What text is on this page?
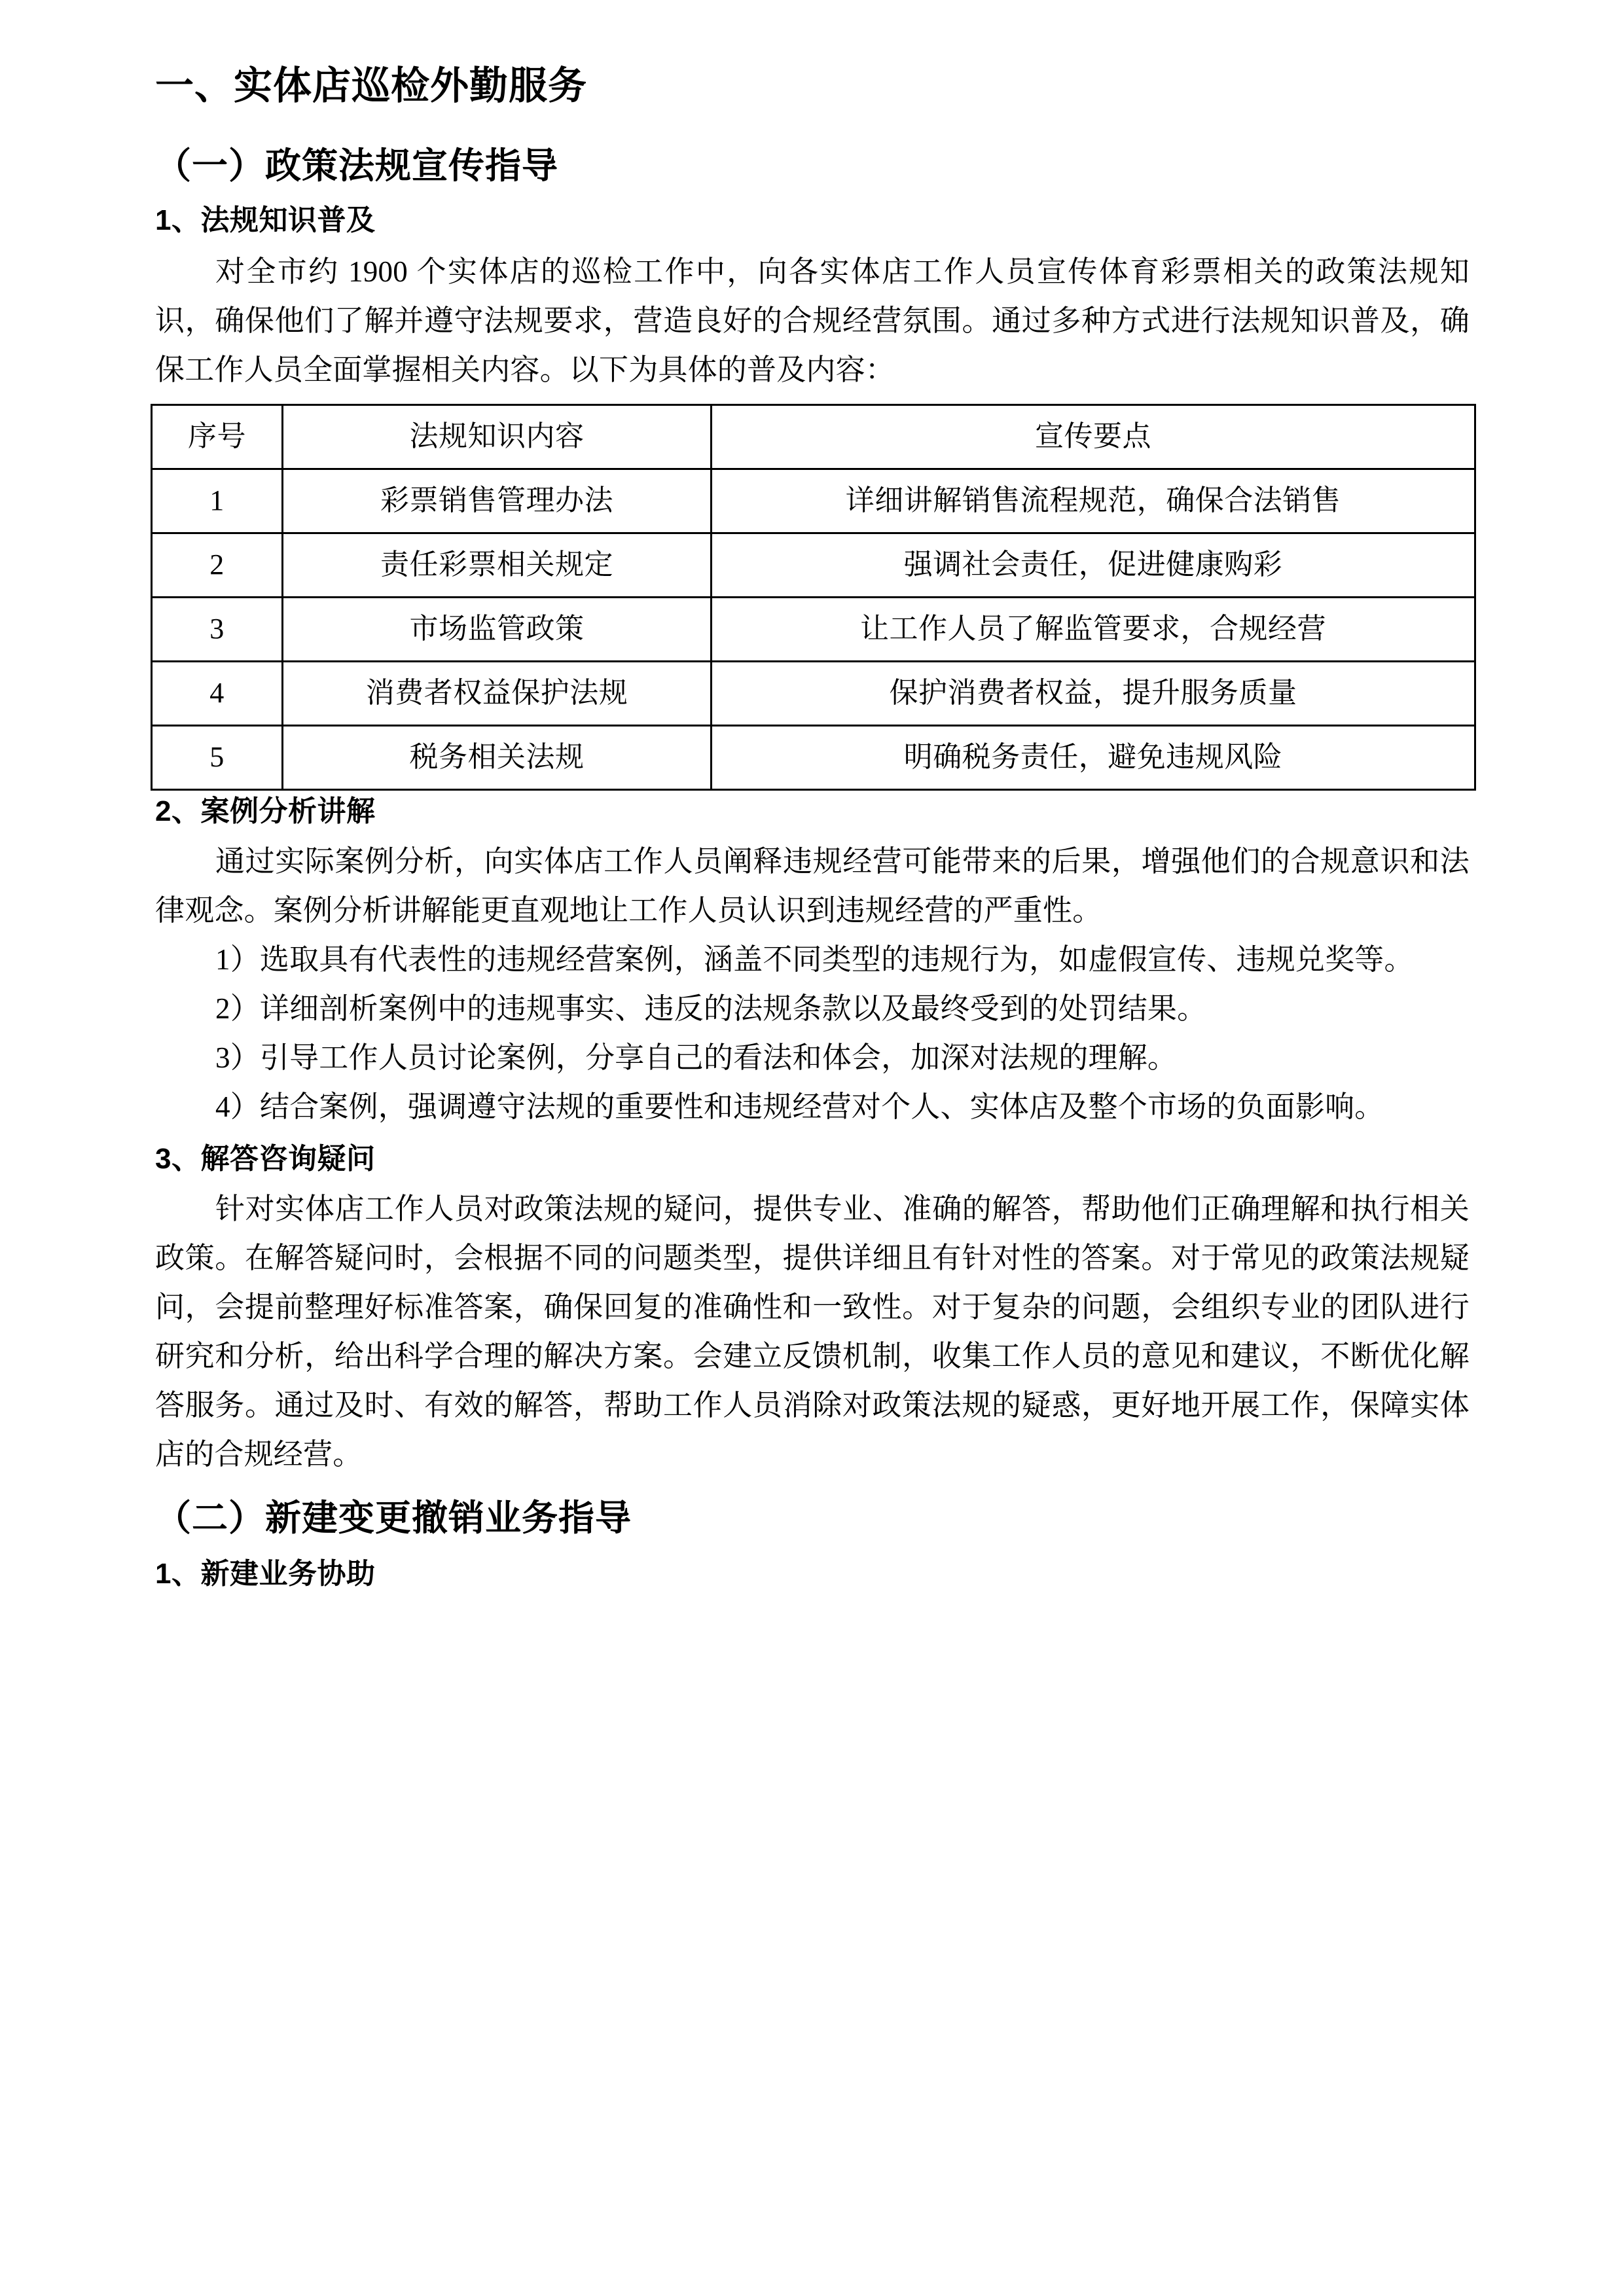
一、实体店巡检外勤服务
（一）政策法规宣传指导
1、法规知识普及

对全市约 1900 个实体店的巡检工作中，向各实体店工作人员宣传体育彩票相关的政策法规知识，确保他们了解并遵守法规要求，营造良好的合规经营氛围。通过多种方式进行法规知识普及，确保工作人员全面掌握相关内容。以下为具体的普及内容：

序号	法规知识内容	宣传要点
1	彩票销售管理办法	详细讲解销售流程规范，确保合法销售
2	责任彩票相关规定	强调社会责任，促进健康购彩
3	市场监管政策	让工作人员了解监管要求，合规经营
4	消费者权益保护法规	保护消费者权益，提升服务质量
5	税务相关法规	明确税务责任，避免违规风险
2、案例分析讲解

通过实际案例分析，向实体店工作人员阐释违规经营可能带来的后果，增强他们的合规意识和法律观念。案例分析讲解能更直观地让工作人员认识到违规经营的严重性。

1）选取具有代表性的违规经营案例，涵盖不同类型的违规行为，如虚假宣传、违规兑奖等。

2）详细剖析案例中的违规事实、违反的法规条款以及最终受到的处罚结果。

3）引导工作人员讨论案例，分享自己的看法和体会，加深对法规的理解。

4）结合案例，强调遵守法规的重要性和违规经营对个人、实体店及整个市场的负面影响。

3、解答咨询疑问

针对实体店工作人员对政策法规的疑问，提供专业、准确的解答，帮助他们正确理解和执行相关政策。在解答疑问时，会根据不同的问题类型，提供详细且有针对性的答案。对于常见的政策法规疑问，会提前整理好标准答案，确保回复的准确性和一致性。对于复杂的问题，会组织专业的团队进行研究和分析，给出科学合理的解决方案。会建立反馈机制，收集工作人员的意见和建议，不断优化解答服务。通过及时、有效的解答，帮助工作人员消除对政策法规的疑惑，更好地开展工作，保障实体店的合规经营。

（二）新建变更撤销业务指导
1、新建业务协助
